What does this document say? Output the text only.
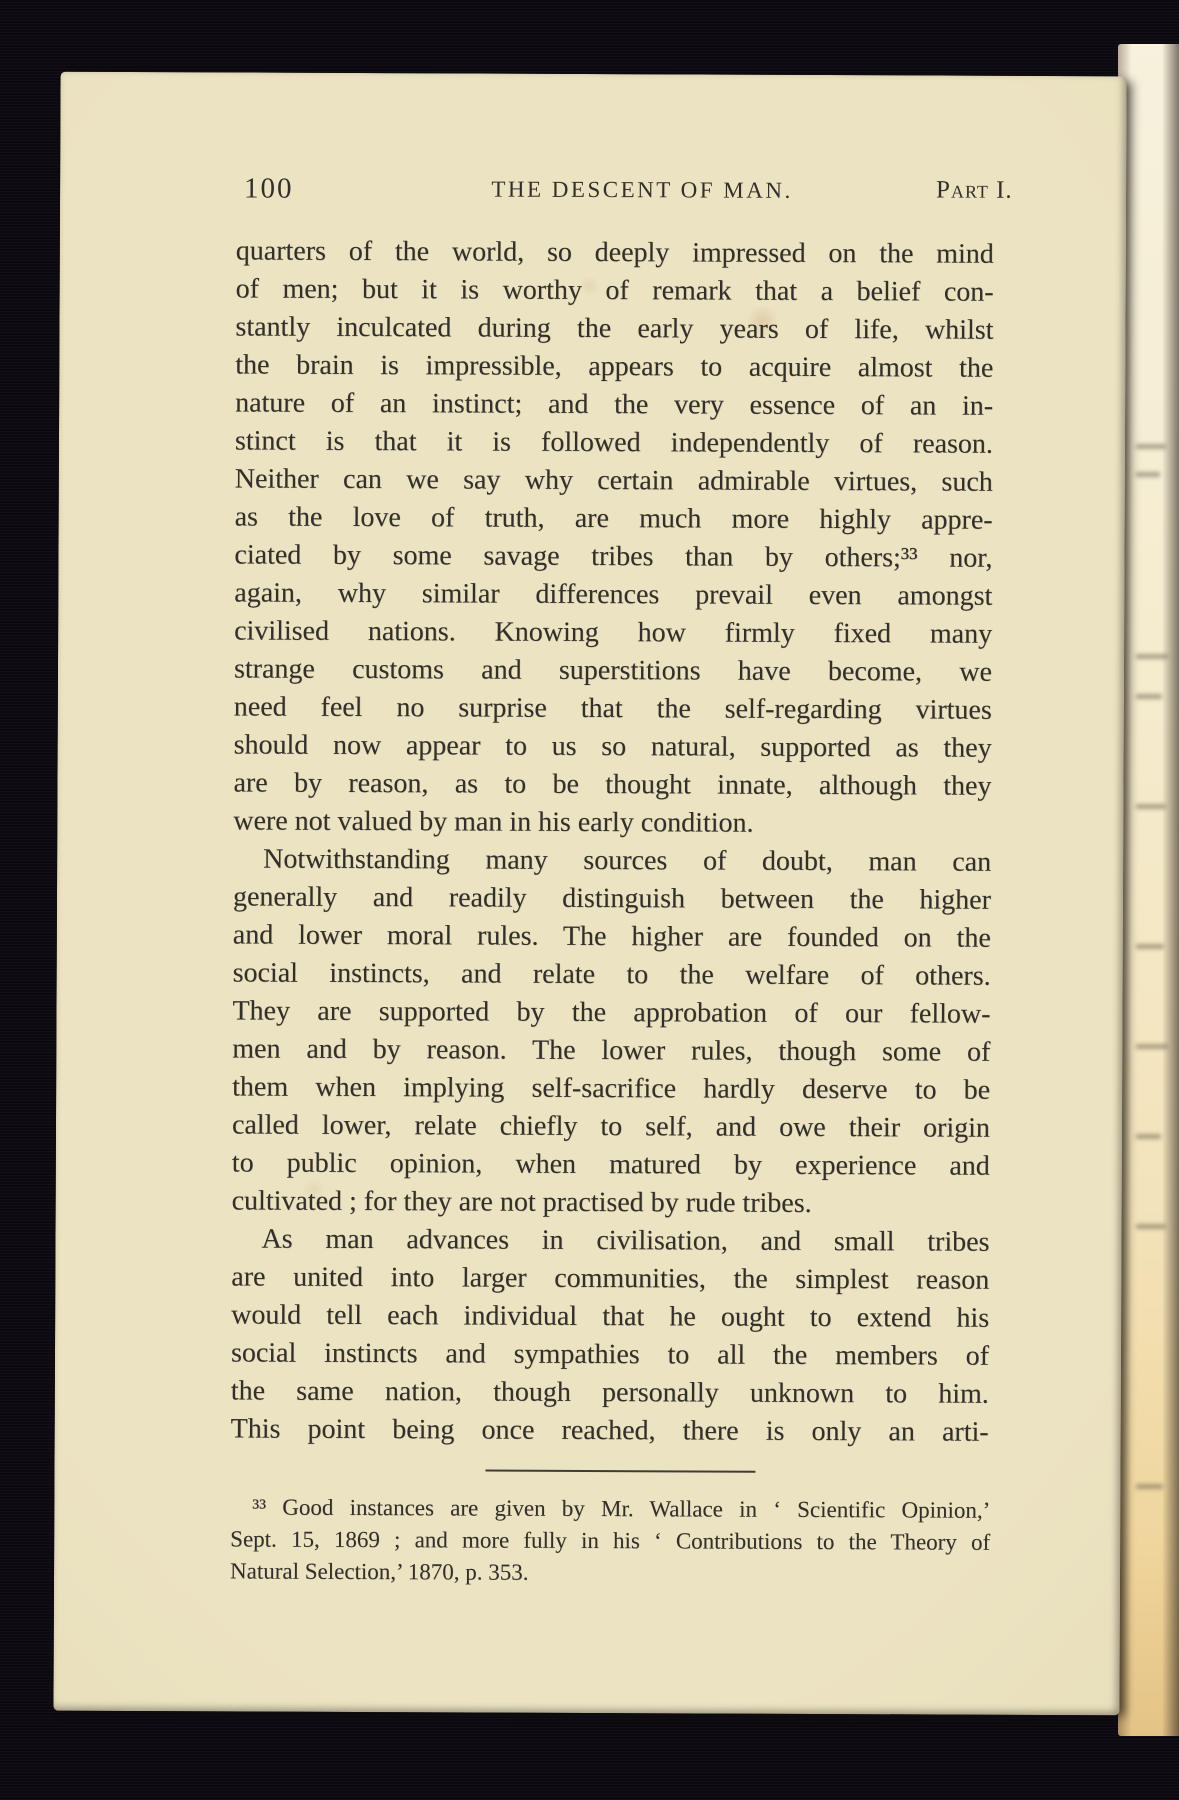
100	THE DESCENT OF MAN.	Part I.
quarters of the world, so deeply impressed on the mind
of men; but it is worthy of remark that a belief con-
stantly inculcated during the early years of life, whilst
the brain is impressible, appears to acquire almost the
nature of an instinct; and the very essence of an in-
stinct is that it is followed independently of reason.
Neither can we say why certain admirable virtues, such
as the love of truth, are much more highly appre-
ciated by some savage tribes than by others;³³ nor,
again, why similar differences prevail even amongst
civilised nations. Knowing how firmly fixed many
strange customs and superstitions have become, we
need feel no surprise that the self-regarding virtues
should now appear to us so natural, supported as they
are by reason, as to be thought innate, although they
were not valued by man in his early condition.
Notwithstanding many sources of doubt, man can
generally and readily distinguish between the higher
and lower moral rules. The higher are founded on the
social instincts, and relate to the welfare of others.
They are supported by the approbation of our fellow-
men and by reason. The lower rules, though some of
them when implying self-sacrifice hardly deserve to be
called lower, relate chiefly to self, and owe their origin
to public opinion, when matured by experience and
cultivated ; for they are not practised by rude tribes.
As man advances in civilisation, and small tribes
are united into larger communities, the simplest reason
would tell each individual that he ought to extend his
social instincts and sympathies to all the members of
the same nation, though personally unknown to him.
This point being once reached, there is only an arti-
³³ Good instances are given by Mr. Wallace in ‘ Scientific Opinion,’
Sept. 15, 1869 ; and more fully in his ‘ Contributions to the Theory of
Natural Selection,’ 1870, p. 353.
